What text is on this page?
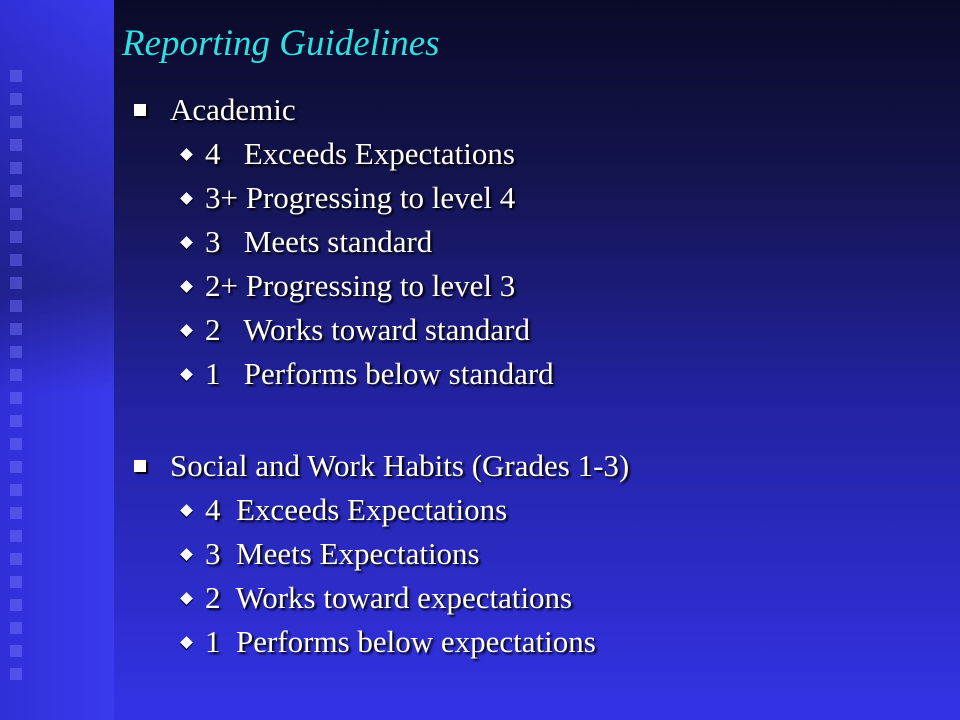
Reporting Guidelines
Academic
4   Exceeds Expectations
3+ Progressing to level 4
3   Meets standard
2+ Progressing to level 3
2   Works toward standard
1   Performs below standard
Social and Work Habits (Grades 1-3)
4  Exceeds Expectations
3  Meets Expectations
2  Works toward expectations
1  Performs below expectations
